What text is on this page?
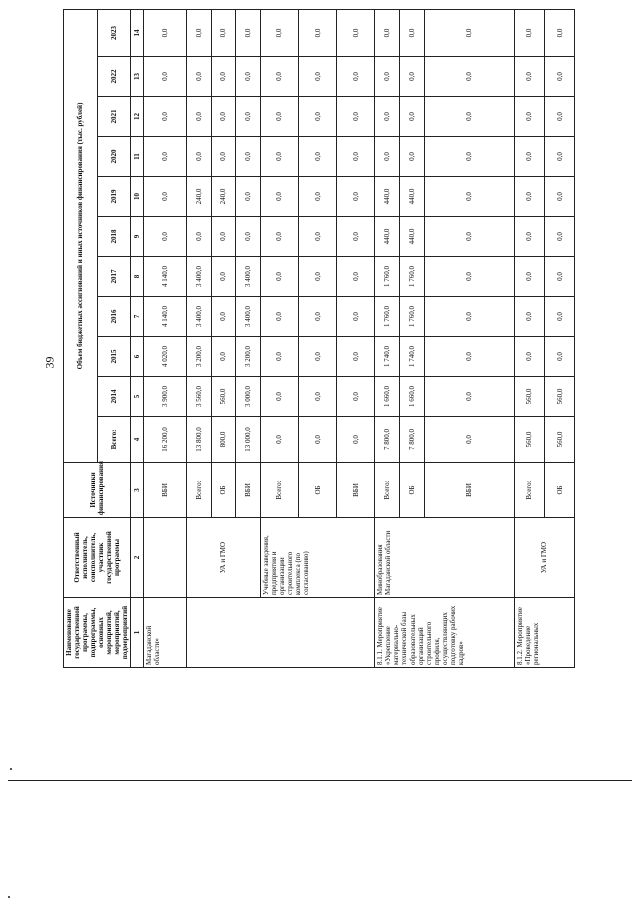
39
Наименование государственной программы, подпрограммы, основных мероприятий, мероприятий, подмероприятий	Ответственный исполнитель, соисполнитель, участник государственной программы	Источники финансирования	Объем бюджетных ассигнований и иных источников финансирования (тыс. рублей)										
			Всего:	2014	2015	2016	2017	2018	2019	2020	2021	2022	2023
1	2	3	4	5	6	7	8	9	10	11	12	13	14
Магаданской области»		ВБИ	16 200,0	3 900,0	4 020,0	4 140,0	4 140,0	0,0	0,0	0,0	0,0	0,0	0,0
	УА и ГМО	Всего:	13 800,0	3 560,0	3 200,0	3 400,0	3 400,0	0,0	240,0	0,0	0,0	0,0	0,0
		ОБ	800,0	560,0	0,0	0,0	0,0	0,0	240,0	0,0	0,0	0,0	0,0
		ВБИ	13 000,0	3 000,0	3 200,0	3 400,0	3 400,0	0,0	0,0	0,0	0,0	0,0	0,0
	Учебные заведения, предприятия и организации строительного комплекса (по согласованию)	Всего:	0,0	0,0	0,0	0,0	0,0	0,0	0,0	0,0	0,0	0,0	0,0
		ОБ	0,0	0,0	0,0	0,0	0,0	0,0	0,0	0,0	0,0	0,0	0,0
		ВБИ	0,0	0,0	0,0	0,0	0,0	0,0	0,0	0,0	0,0	0,0	0,0
8.1.1. Мероприятие «Укрепление материально-технической базы образовательных организаций строительного профиля, осуществляющих подготовку рабочих кадров»	Минобразования Магаданской области	Всего:	7 800,0	1 660,0	1 740,0	1 760,0	1 760,0	440,0	440,0	0,0	0,0	0,0	0,0
		ОБ	7 800,0	1 660,0	1 740,0	1 760,0	1 760,0	440,0	440,0	0,0	0,0	0,0	0,0
		ВБИ	0,0	0,0	0,0	0,0	0,0	0,0	0,0	0,0	0,0	0,0	0,0
8.1.2. Мероприятие «Проведение региональных	УА и ГМО	Всего:	560,0	560,0	0,0	0,0	0,0	0,0	0,0	0,0	0,0	0,0	0,0
		ОБ	560,0	560,0	0,0	0,0	0,0	0,0	0,0	0,0	0,0	0,0	0,0
